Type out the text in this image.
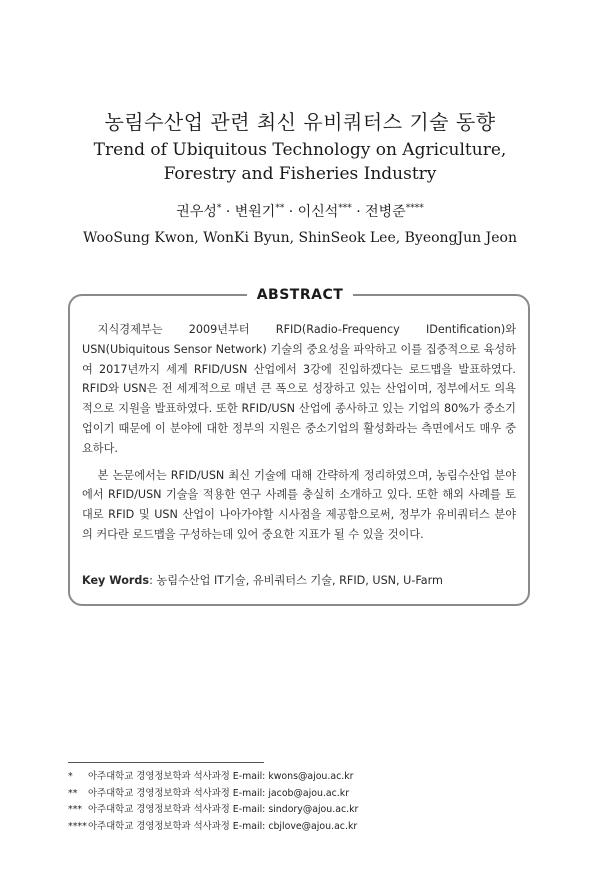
농림수산업 관련 최신 유비쿼터스 기술 동향
Trend of Ubiquitous Technology on Agriculture,
Forestry and Fisheries Industry
권우성* · 변원기** · 이신석*** · 전병준****
WooSung Kwon, WonKi Byun, ShinSeok Lee, ByeongJun Jeon
ABSTRACT

지식경제부는 2009년부터 RFID(Radio-Frequency IDentification)와 USN(Ubiquitous Sensor Network) 기술의 중요성을 파악하고 이를 집중적으로 육성하여 2017년까지 세계 RFID/USN 산업에서 3강에 진입하겠다는 로드맵을 발표하였다. RFID와 USN은 전 세계적으로 매년 큰 폭으로 성장하고 있는 산업이며, 정부에서도 의욕적으로 지원을 발표하였다. 또한 RFID/USN 산업에 종사하고 있는 기업의 80%가 중소기업이기 때문에 이 분야에 대한 정부의 지원은 중소기업의 활성화라는 측면에서도 매우 중요하다.

본 논문에서는 RFID/USN 최신 기술에 대해 간략하게 정리하였으며, 농림수산업 분야에서 RFID/USN 기술을 적용한 연구 사례를 충실히 소개하고 있다. 또한 해외 사례를 토대로 RFID 및 USN 산업이 나아가야할 시사점을 제공함으로써, 정부가 유비쿼터스 분야의 커다란 로드맵을 구성하는데 있어 중요한 지표가 될 수 있을 것이다.

Key Words: 농림수산업 IT기술, 유비쿼터스 기술, RFID, USN, U-Farm
*	아주대학교 경영정보학과 석사과정 E-mail: kwons@ajou.ac.kr
**	아주대학교 경영정보학과 석사과정 E-mail: jacob@ajou.ac.kr
*** 아주대학교 경영정보학과 석사과정 E-mail: sindory@ajou.ac.kr
**** 아주대학교 경영정보학과 석사과정 E-mail: cbjlove@ajou.ac.kr
